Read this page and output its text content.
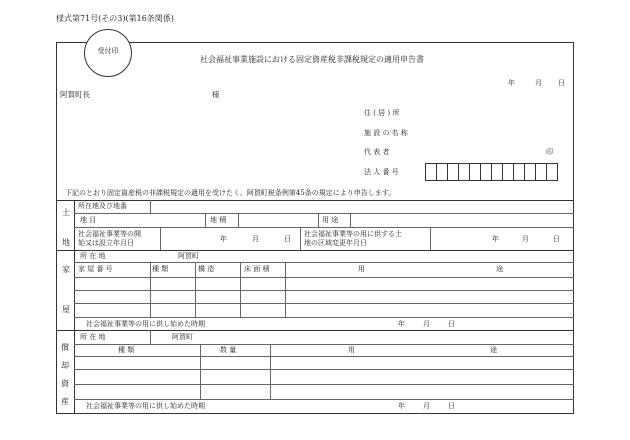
様式第71号(その3)(第16条関係)
社会福祉事業施設における固定資産税非課税規定の適用申告書
年	月 日
阿賀町長	様
住 ( 居 ) 所
施 設 の 名 称
代 表 者	印
法 人 番 号
下記のとおり固定資産税の非課税規定の適用を受けたく、阿賀町税条例第45条の規定により申告します。
土
地
所在地及び地番
地 目	地 積	用 途
社会福祉事業等の開
始又は設立年月日	年	月	日
社会福祉事業等の用に供する土
地の区域変更年月日	年	月	日
家
屋
所 在 地	阿賀町
家 屋 番 号	種 類	構 造	床 面 積	用	途
社会福祉事業等の用に供し始めた時期	年	月	日
償
却
資
産
所 在 地	阿賀町
種 類	数 量	用	途
社会福祉事業等の用に供し始めた時期	年	月	日
受付印
